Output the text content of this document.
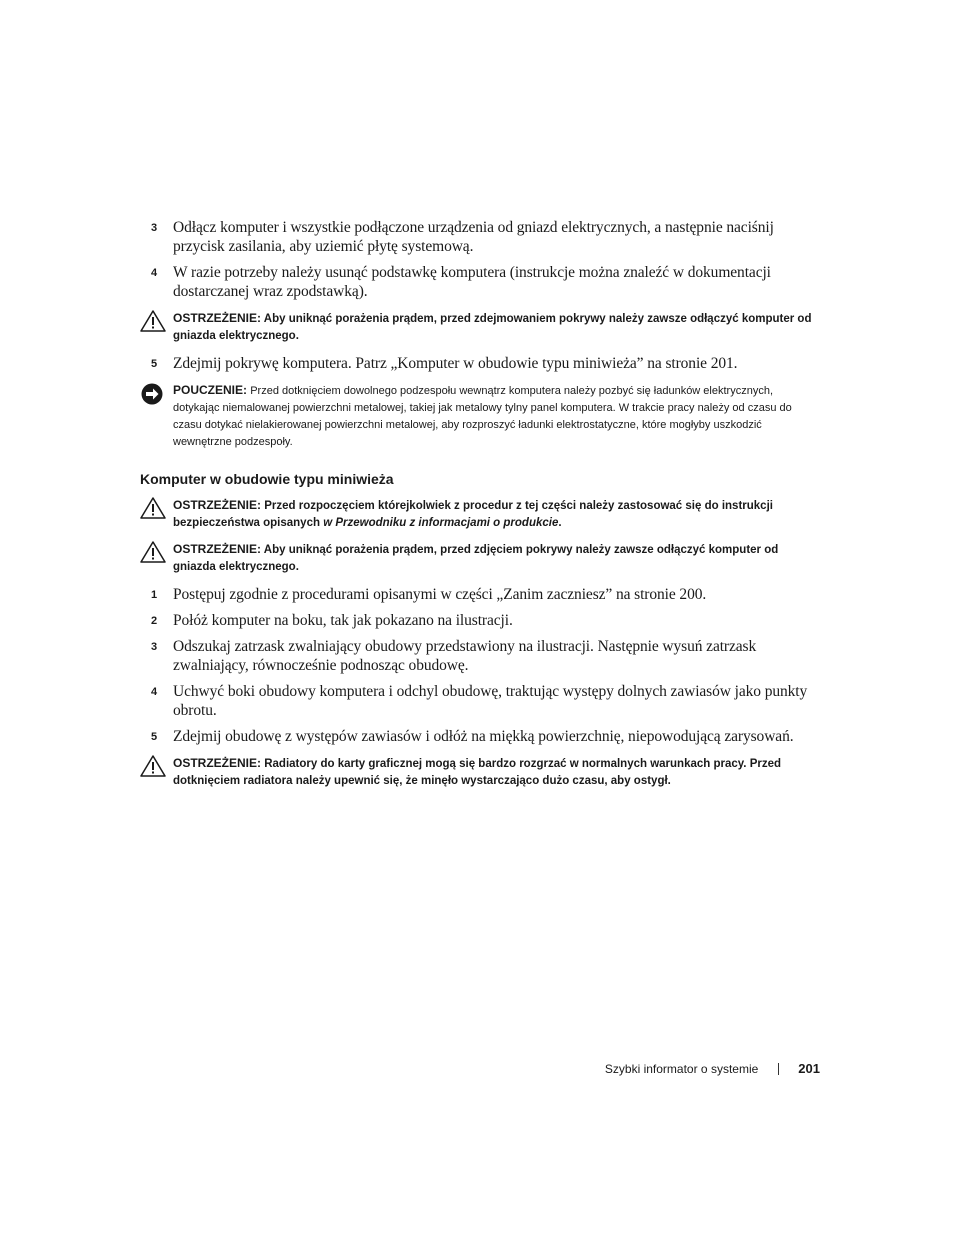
3 Odłącz komputer i wszystkie podłączone urządzenia od gniazd elektrycznych, a następnie naciśnij przycisk zasilania, aby uziemić płytę systemową.
4 W razie potrzeby należy usunąć podstawkę komputera (instrukcje można znaleźć w dokumentacji dostarczanej wraz zpodstawką).
OSTRZEŻENIE: Aby uniknąć porażenia prądem, przed zdejmowaniem pokrywy należy zawsze odłączyć komputer od gniazda elektrycznego.
5 Zdejmij pokrywę komputera. Patrz „Komputer w obudowie typu miniwieża” na stronie 201.
POUCZENIE: Przed dotknięciem dowolnego podzespołu wewnątrz komputera należy pozbyć się ładunków elektrycznych, dotykając niemalowanej powierzchni metalowej, takiej jak metalowy tylny panel komputera. W trakcie pracy należy od czasu do czasu dotykać nielakierowanej powierzchni metalowej, aby rozproszyć ładunki elektrostatyczne, które mogłyby uszkodzić wewnętrzne podzespoły.
Komputer w obudowie typu miniwieża
OSTRZEŻENIE: Przed rozpoczęciem którejkolwiek z procedur z tej części należy zastosować się do instrukcji bezpieczeństwa opisanych w Przewodniku z informacjami o produkcie.
OSTRZEŻENIE: Aby uniknąć porażenia prądem, przed zdjęciem pokrywy należy zawsze odłączyć komputer od gniazda elektrycznego.
1 Postępuj zgodnie z procedurami opisanymi w części „Zanim zaczniesz” na stronie 200.
2 Połóż komputer na boku, tak jak pokazano na ilustracji.
3 Odszukaj zatrzask zwalniający obudowy przedstawiony na ilustracji. Następnie wysuń zatrzask zwalniający, równocześnie podnosząc obudowę.
4 Uchwyć boki obudowy komputera i odchyl obudowę, traktując występy dolnych zawiasów jako punkty obrotu.
5 Zdejmij obudowę z występów zawiasów i odłóż na miękką powierzchnię, niepowodującą zarysowań.
OSTRZEŻENIE: Radiatory do karty graficznej mogą się bardzo rozgrzać w normalnych warunkach pracy. Przed dotknięciem radiatora należy upewnić się, że minęło wystarczająco dużo czasu, aby ostygł.
Szybki informator o systemie	201
